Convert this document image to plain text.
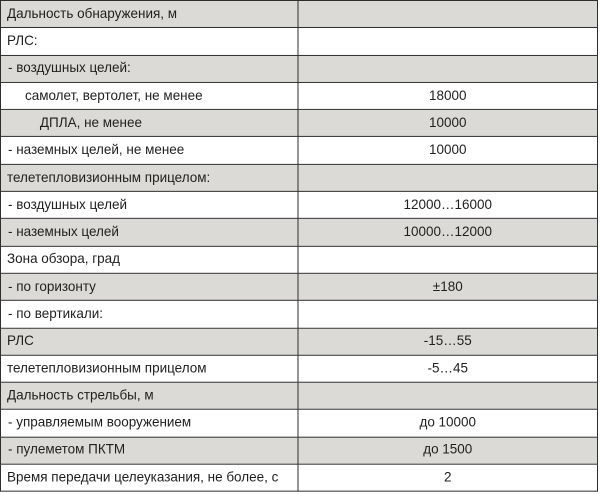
Дальность обнаружения, м	
РЛС:	
- воздушных целей:	
самолет, вертолет, не менее	18000
ДПЛА, не менее	10000
- наземных целей, не менее	10000
телетепловизионным прицелом:	
- воздушных целей	12000…16000
- наземных целей	10000…12000
Зона обзора, град	
- по горизонту	±180
- по вертикали:	
РЛС	-15…55
телетепловизионным прицелом	-5…45
Дальность стрельбы, м	
- управляемым вооружением	до 10000
- пулеметом ПКТМ	до 1500
Время передачи целеуказания, не более, с	2
